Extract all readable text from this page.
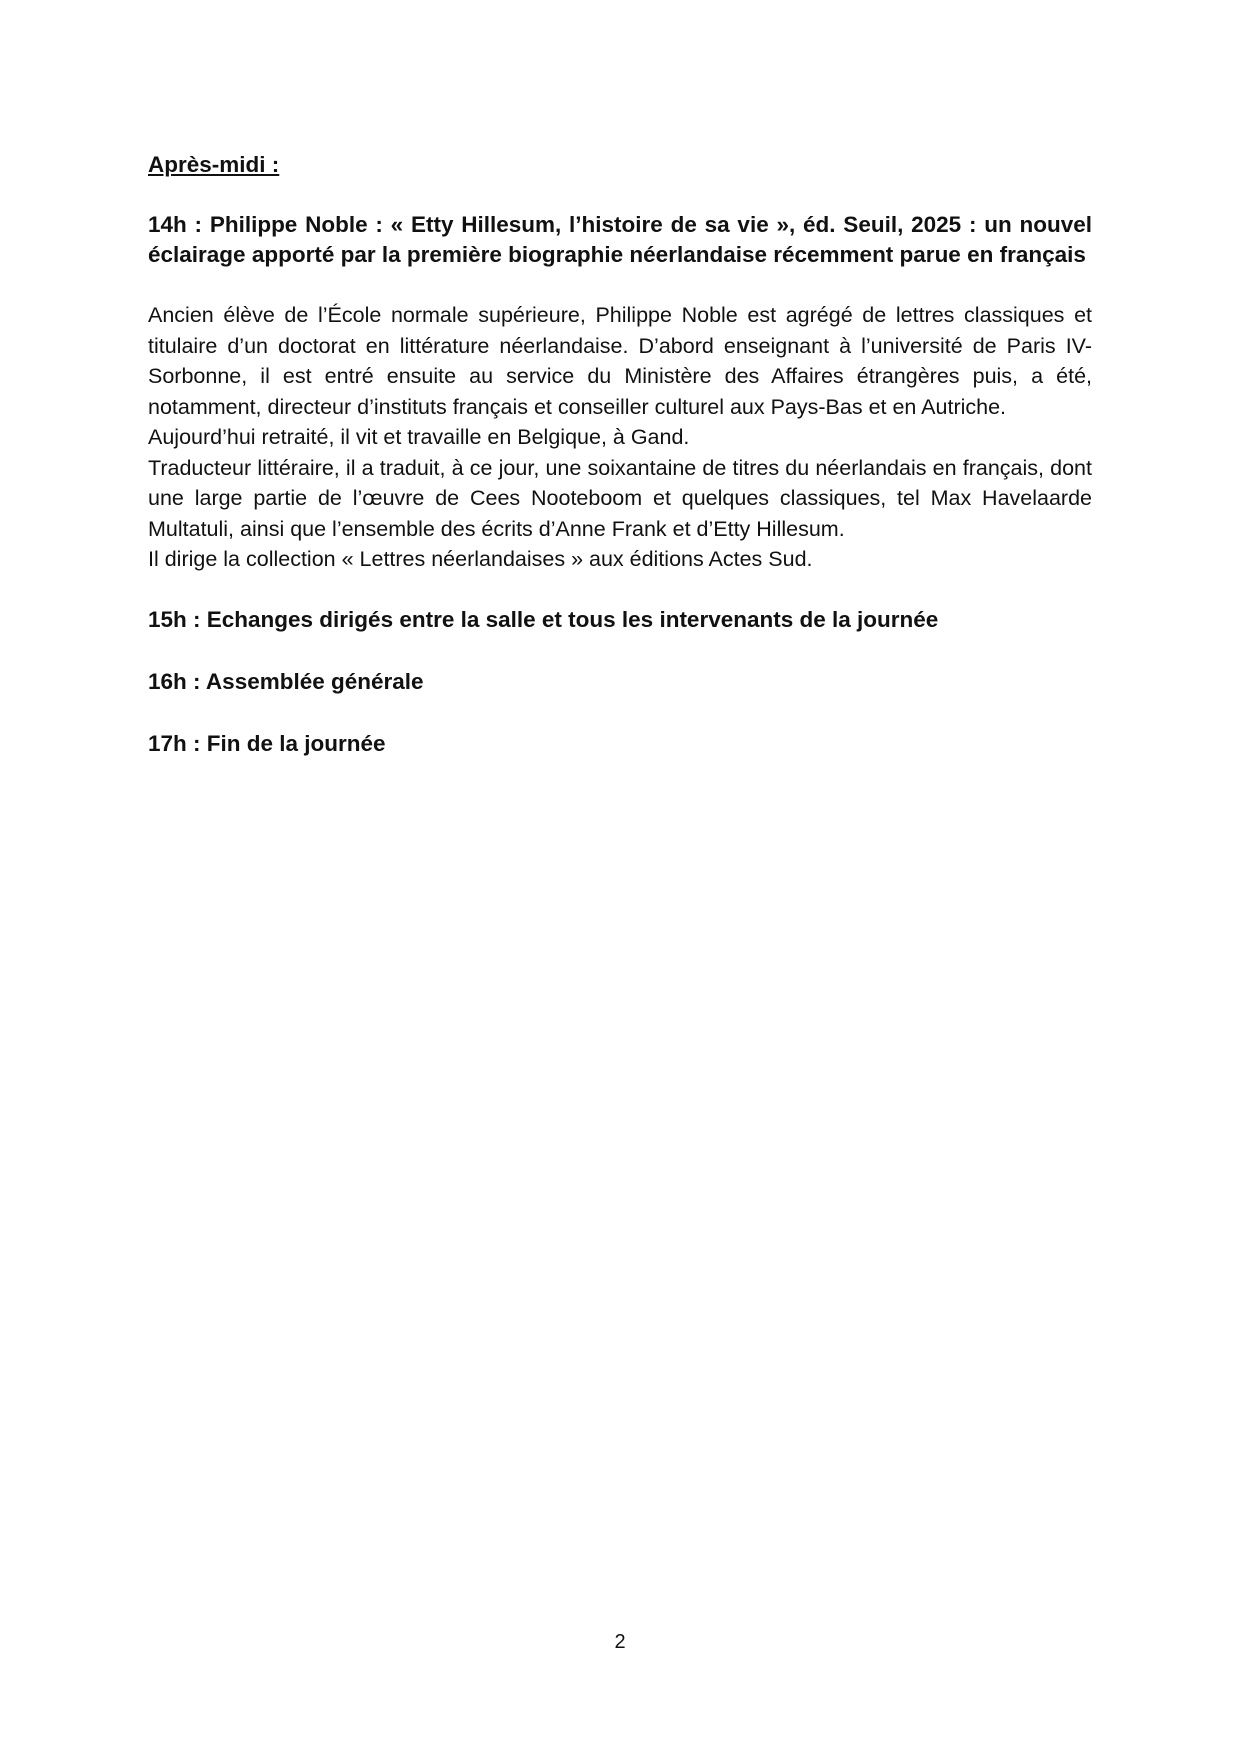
Après-midi :
14h : Philippe Noble : « Etty Hillesum, l’histoire de sa vie », éd. Seuil, 2025 : un nouvel éclairage apporté par la première biographie néerlandaise récemment parue en français

Ancien élève de l’École normale supérieure, Philippe Noble est agrégé de lettres classiques et titulaire d’un doctorat en littérature néerlandaise. D’abord enseignant à l’université de Paris IV-Sorbonne, il est entré ensuite au service du Ministère des Affaires étrangères puis, a été, notamment, directeur d’instituts français et conseiller culturel aux Pays-Bas et en Autriche.

Aujourd’hui retraité, il vit et travaille en Belgique, à Gand.

Traducteur littéraire, il a traduit, à ce jour, une soixantaine de titres du néerlandais en français, dont une large partie de l’œuvre de Cees Nooteboom et quelques classiques, tel Max Havelaarde Multatuli, ainsi que l’ensemble des écrits d’Anne Frank et d’Etty Hillesum.

Il dirige la collection « Lettres néerlandaises » aux éditions Actes Sud.

15h : Echanges dirigés entre la salle et tous les intervenants de la journée
16h : Assemblée générale
17h : Fin de la journée
2
